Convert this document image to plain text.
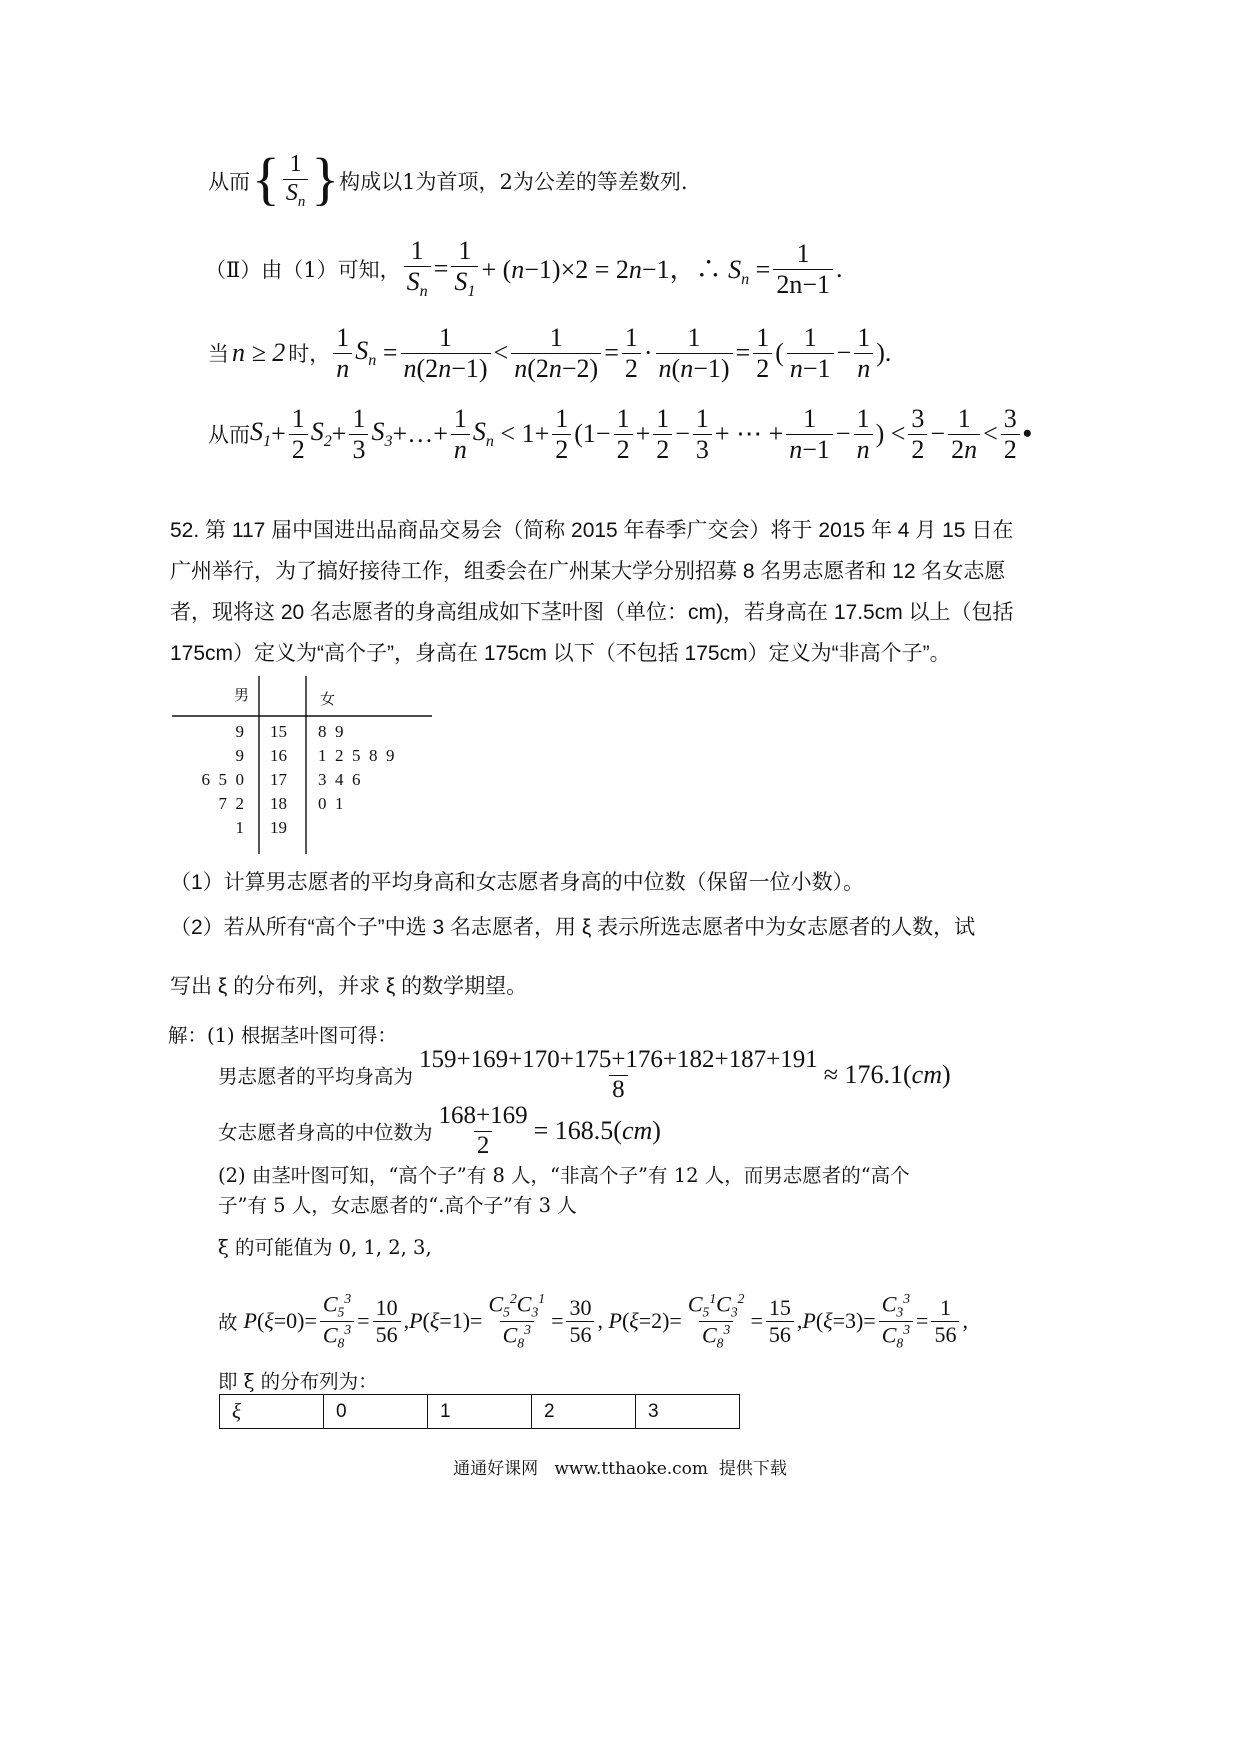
从而 { $\frac{1}{S_n}$ } 构成以1为首项，2为公差的等差数列.
（Ⅱ）由（1）可知， $\frac{1}{S_n} = \frac{1}{S_1} + (n-1)\times 2 = 2n-1$，∴ $S_n = \frac{1}{2n-1}$ .
当 n ≥ 2 时， $\frac{1}{n} S_n = \frac{1}{n(2n-1)} < \frac{1}{n(2n-2)} = \frac{1}{2} \cdot \frac{1}{n(n-1)} = \frac{1}{2}$ ( $\frac{1}{n-1} - \frac{1}{n}$ ).
从而 $S_1 + \frac{1}{2} S_2 + \frac{1}{3} S_3$ +…+ $\frac{1}{n} S_n < 1+ \frac{1}{2} (1- \frac{1}{2} + \frac{1}{2} - \frac{1}{3}$ + ⋯ + $\frac{1}{n-1} - \frac{1}{n}$ ) < $\frac{3}{2} - \frac{1}{2n} < \frac{3}{2}$ •
52. 第 117 届中国进出品商品交易会（简称 2015 年春季广交会）将于 2015 年 4 月 15 日在
广州举行，为了搞好接待工作，组委会在广州某大学分别招募 8 名男志愿者和 12 名女志愿
者，现将这 20 名志愿者的身高组成如下茎叶图（单位：cm)，若身高在 17.5cm 以上（包括
175cm）定义为“高个子”，身高在 175cm 以下（不包括 175cm）定义为“非高个子”。
男	女
9 15 8  9
9 16 1  2  5  8  9
6  5  0 17 3  4  6
7  2 18 0  1
1 19
（1）计算男志愿者的平均身高和女志愿者身高的中位数（保留一位小数）。
（2）若从所有“高个子”中选 3 名志愿者，用 ξ 表示所选志愿者中为女志愿者的人数，试
写出 ξ 的分布列，并求 ξ 的数学期望。
解：(1) 根据茎叶图可得：
男志愿者的平均身高为 $\frac{159+169+170+175+176+182+187+191}{8} \approx 176.1(cm)$
女志愿者身高的中位数为 $\frac{168+169}{2} = 168.5(cm)$
(2) 由茎叶图可知，“高个子”有 8 人，“非高个子”有 12 人，而男志愿者的“高个
子”有 5 人，女志愿者的“.高个子”有 3 人
ξ 的可能值为 0, 1, 2, 3,
故 $P(\xi=0)= \frac{C_5^3}{C_8^3} = \frac{10}{56} ,P(\xi=1)= \frac{C_5^2C_3^1}{C_8^3} = \frac{30}{56}$ , $P(\xi=2)= \frac{C_5^1C_3^2}{C_8^3} = \frac{15}{56} ,P(\xi=3)= \frac{C_3^3}{C_8^3} = \frac{1}{56}$ ,
即 ξ 的分布列为：
ξ	0	1	2	3
通通好课网   www.tthaoke.com  提供下载
